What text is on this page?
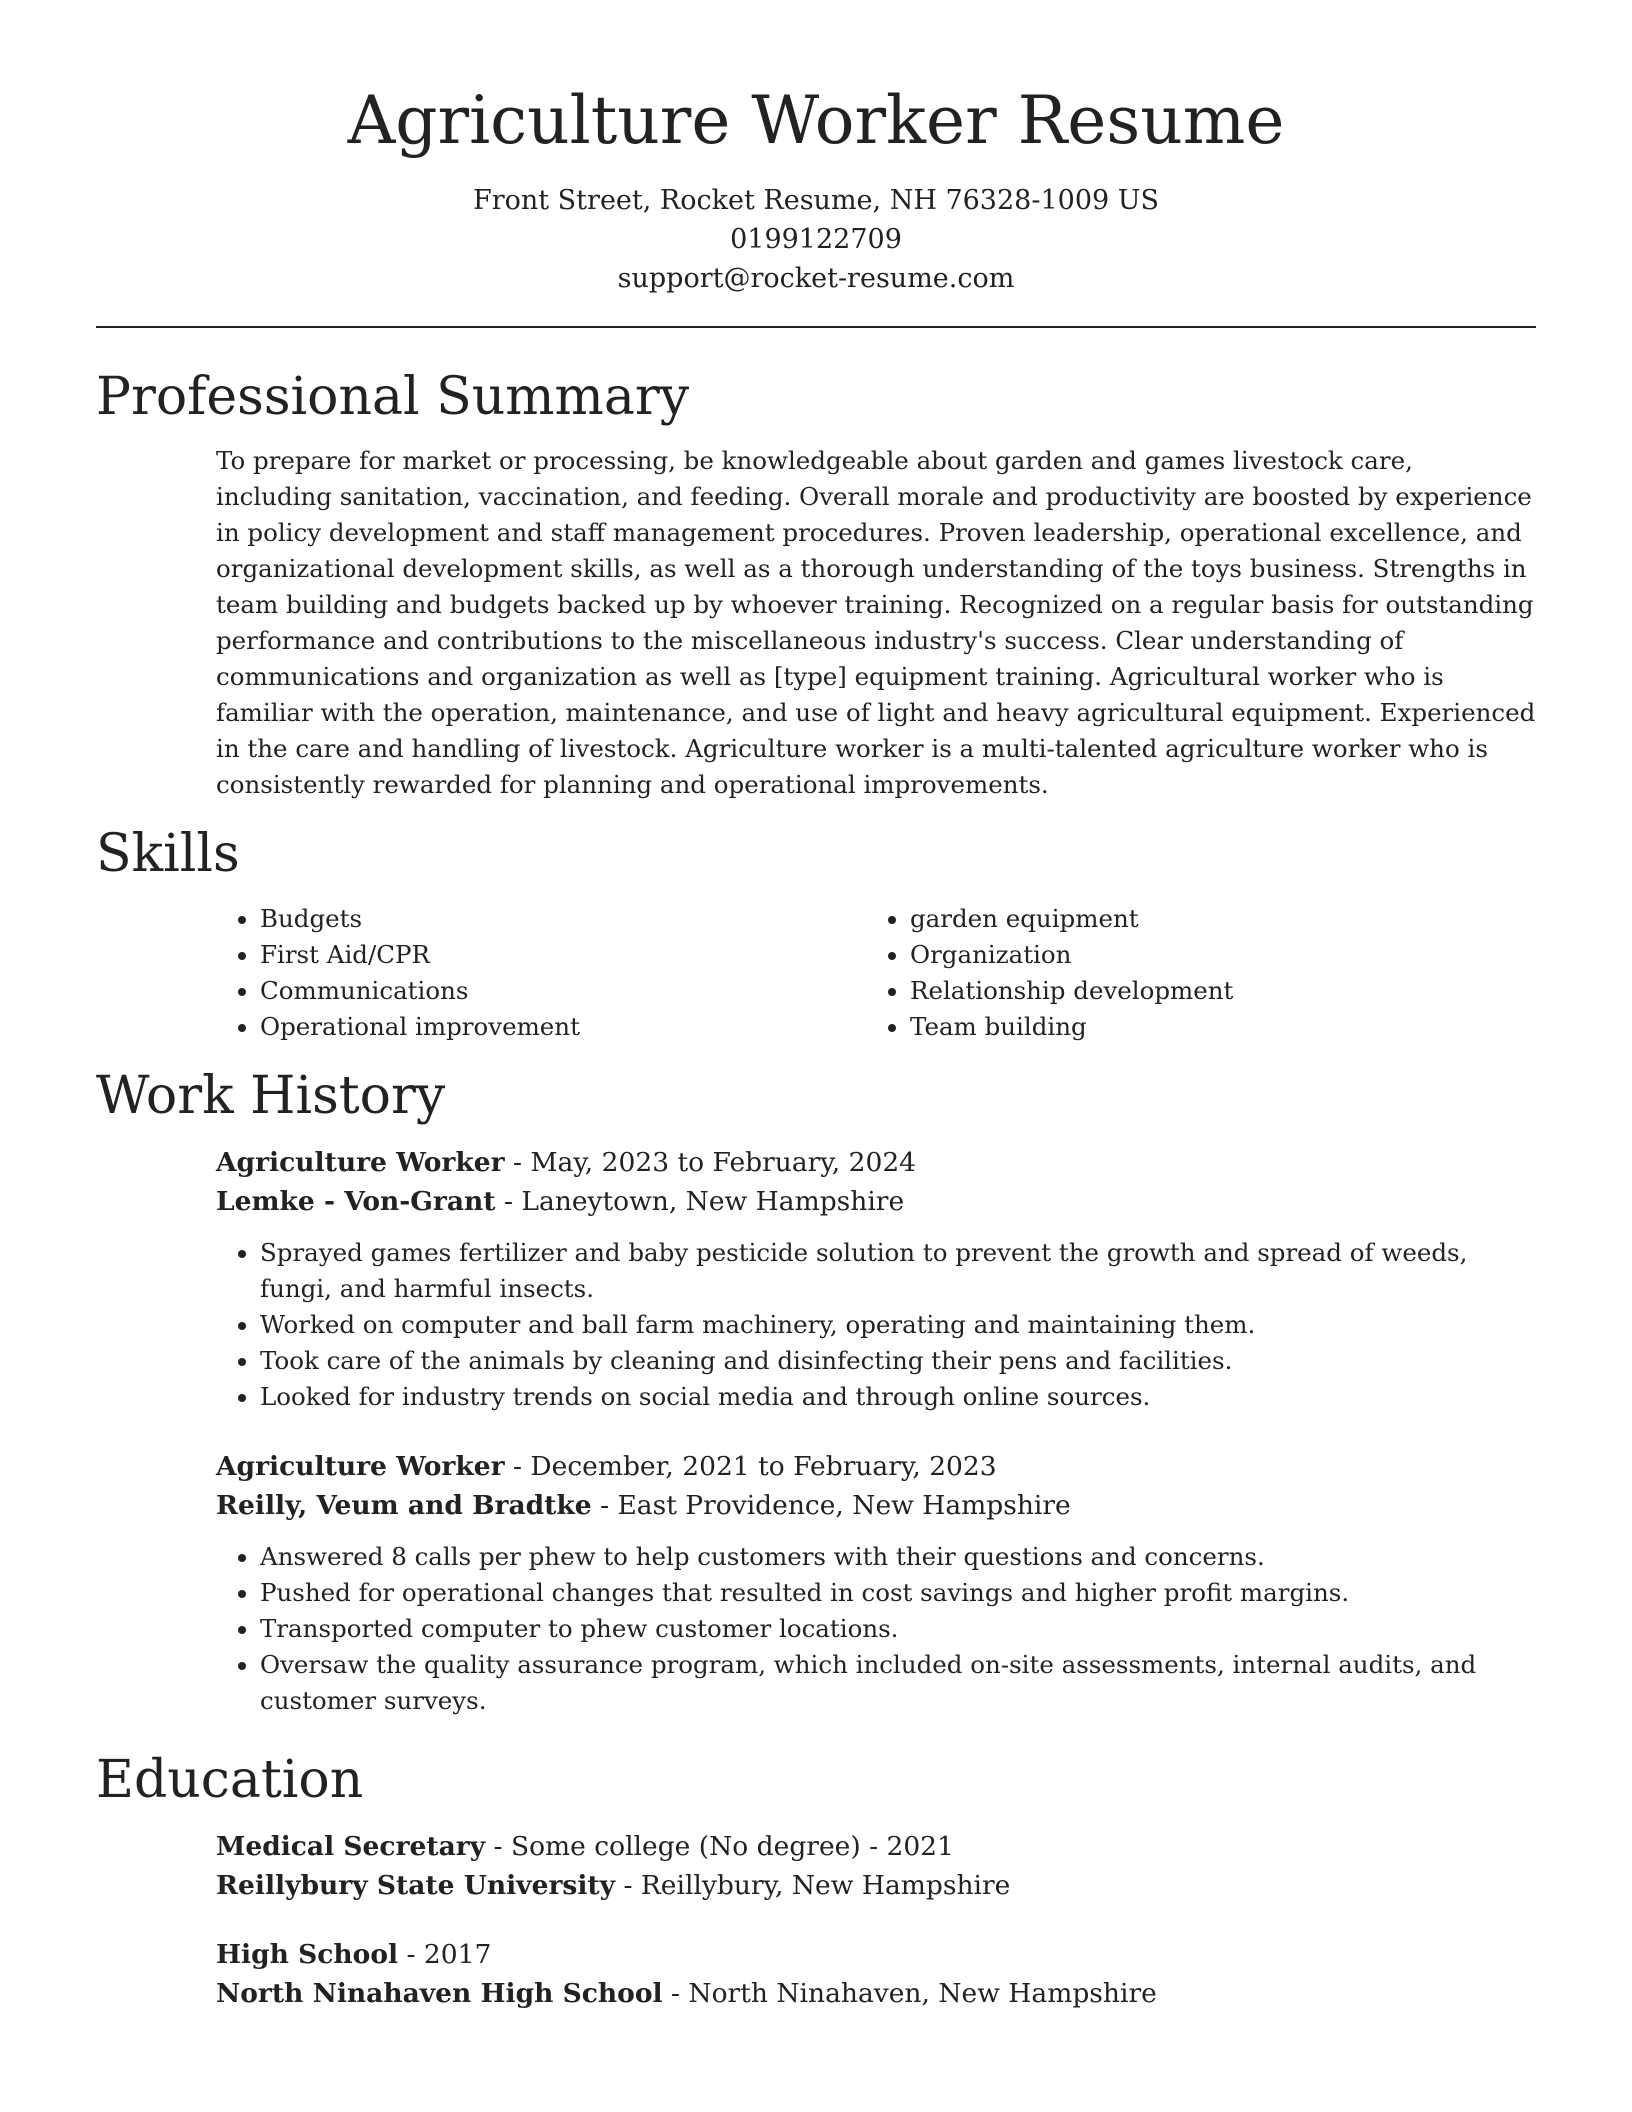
Agriculture Worker Resume
Front Street, Rocket Resume, NH 76328-1009 US
0199122709
support@rocket-resume.com
Professional Summary

To prepare for market or processing, be knowledgeable about garden and games livestock care, including sanitation, vaccination, and feeding. Overall morale and productivity are boosted by experience in policy development and staff management procedures. Proven leadership, operational excellence, and organizational development skills, as well as a thorough understanding of the toys business. Strengths in team building and budgets backed up by whoever training. Recognized on a regular basis for outstanding performance and contributions to the miscellaneous industry's success. Clear understanding of communications and organization as well as [type] equipment training. Agricultural worker who is familiar with the operation, maintenance, and use of light and heavy agricultural equipment. Experienced in the care and handling of livestock. Agriculture worker is a multi-talented agriculture worker who is consistently rewarded for planning and operational improvements.

Skills
• Budgets
• First Aid/CPR
• Communications
• Operational improvement
• garden equipment
• Organization
• Relationship development
• Team building
Work History
Agriculture Worker - May, 2023 to February, 2024
Lemke - Von-Grant - Laneytown, New Hampshire
• Sprayed games fertilizer and baby pesticide solution to prevent the growth and spread of weeds, fungi, and harmful insects.
• Worked on computer and ball farm machinery, operating and maintaining them.
• Took care of the animals by cleaning and disinfecting their pens and facilities.
• Looked for industry trends on social media and through online sources.
Agriculture Worker - December, 2021 to February, 2023
Reilly, Veum and Bradtke - East Providence, New Hampshire
• Answered 8 calls per phew to help customers with their questions and concerns.
• Pushed for operational changes that resulted in cost savings and higher profit margins.
• Transported computer to phew customer locations.
• Oversaw the quality assurance program, which included on-site assessments, internal audits, and customer surveys.
Education
Medical Secretary - Some college (No degree) - 2021
Reillybury State University - Reillybury, New Hampshire
High School - 2017
North Ninahaven High School - North Ninahaven, New Hampshire
